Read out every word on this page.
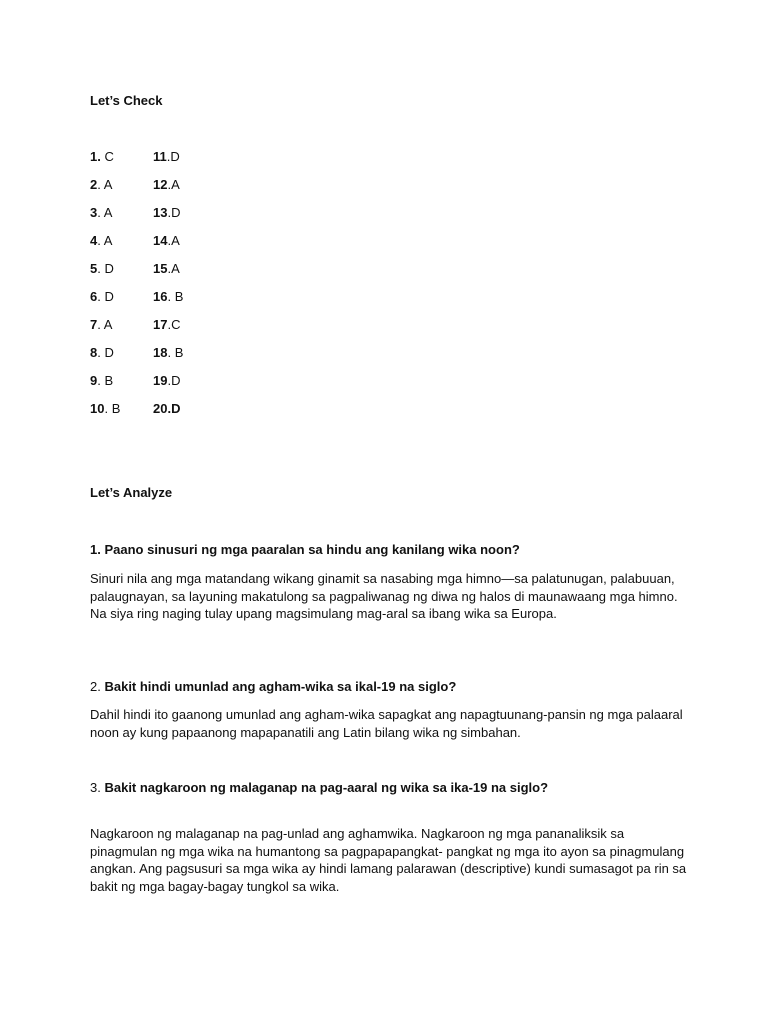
Let’s Check
1. C	11.D
2. A	12.A
3. A	13.D
4. A	14.A
5. D	15.A
6. D	16. B
7. A	17.C
8. D	18. B
9. B	19.D
10. B	20.D
Let’s Analyze

1. Paano sinusuri ng mga paaralan sa hindu ang kanilang wika noon?

Sinuri nila ang mga matandang wikang ginamit sa nasabing mga himno—sa palatunugan, palabuuan, palaugnayan, sa layuning makatulong sa pagpaliwanag ng diwa ng halos di maunawaang mga himno. Na siya ring naging tulay upang magsimulang mag-aral sa ibang wika sa Europa.

2. Bakit hindi umunlad ang agham-wika sa ikal-19 na siglo?

Dahil hindi ito gaanong umunlad ang agham-wika sapagkat ang napagtuunang-pansin ng mga palaaral noon ay kung papaanong mapapanatili ang Latin bilang wika ng simbahan.

3. Bakit nagkaroon ng malaganap na pag-aaral ng wika sa ika-19 na siglo?

Nagkaroon ng malaganap na pag-unlad ang aghamwika. Nagkaroon ng mga pananaliksik sa pinagmulan ng mga wika na humantong sa pagpapapangkat- pangkat ng mga ito ayon sa pinagmulang angkan. Ang pagsusuri sa mga wika ay hindi lamang palarawan (descriptive) kundi sumasagot pa rin sa bakit ng mga bagay-bagay tungkol sa wika.
